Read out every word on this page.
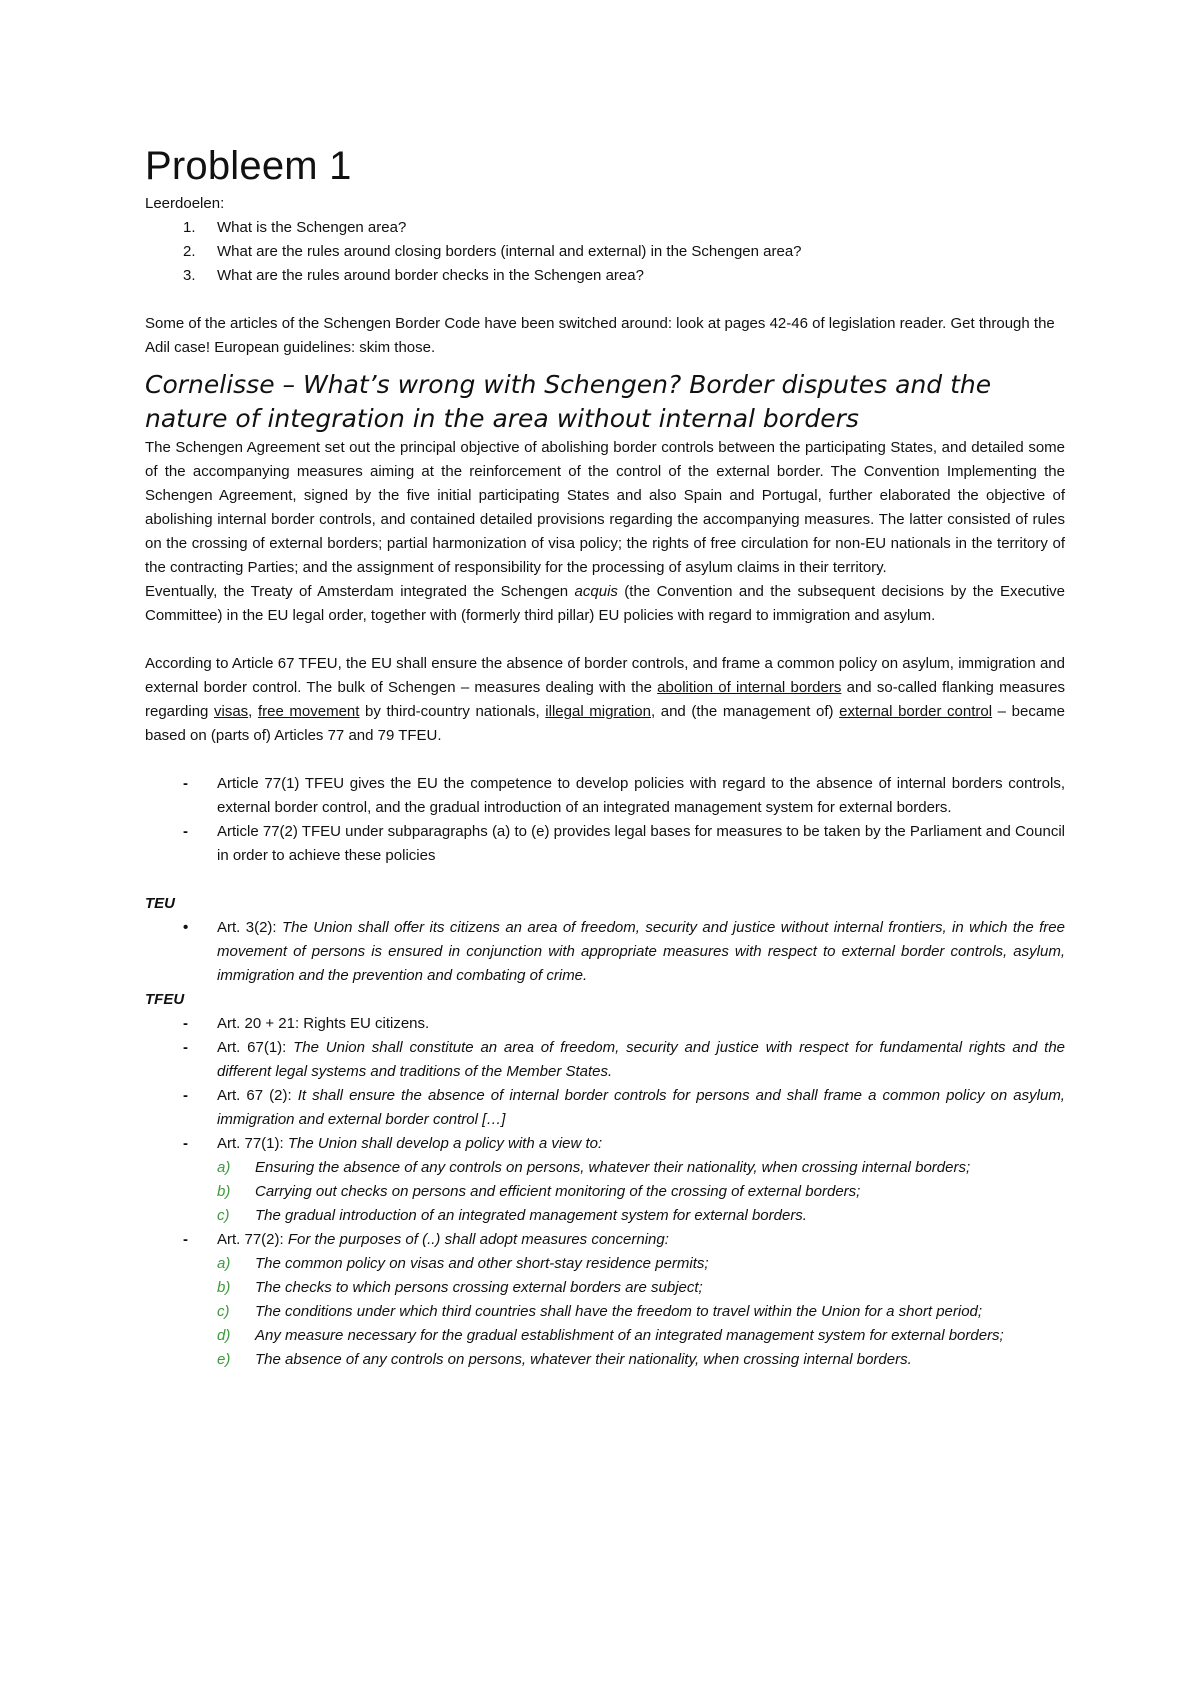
Probleem 1

Leerdoelen:

1. What is the Schengen area?
2. What are the rules around closing borders (internal and external) in the Schengen area?
3. What are the rules around border checks in the Schengen area?

Some of the articles of the Schengen Border Code have been switched around: look at pages 42-46 of legislation reader. Get through the Adil case! European guidelines: skim those.

Cornelisse – What’s wrong with Schengen? Border disputes and the nature of integration in the area without internal borders

The Schengen Agreement set out the principal objective of abolishing border controls between the participating States, and detailed some of the accompanying measures aiming at the reinforcement of the control of the external border. The Convention Implementing the Schengen Agreement, signed by the five initial participating States and also Spain and Portugal, further elaborated the objective of abolishing internal border controls, and contained detailed provisions regarding the accompanying measures. The latter consisted of rules on the crossing of external borders; partial harmonization of visa policy; the rights of free circulation for non-EU nationals in the territory of the contracting Parties; and the assignment of responsibility for the processing of asylum claims in their territory.

Eventually, the Treaty of Amsterdam integrated the Schengen acquis (the Convention and the subsequent decisions by the Executive Committee) in the EU legal order, together with (formerly third pillar) EU policies with regard to immigration and asylum.

According to Article 67 TFEU, the EU shall ensure the absence of border controls, and frame a common policy on asylum, immigration and external border control. The bulk of Schengen – measures dealing with the abolition of internal borders and so-called flanking measures regarding visas, free movement by third-country nationals, illegal migration, and (the management of) external border control – became based on (parts of) Articles 77 and 79 TFEU.

- Article 77(1) TFEU gives the EU the competence to develop policies with regard to the absence of internal borders controls, external border control, and the gradual introduction of an integrated management system for external borders.
- Article 77(2) TFEU under subparagraphs (a) to (e) provides legal bases for measures to be taken by the Parliament and Council in order to achieve these policies

TEU

• Art. 3(2): The Union shall offer its citizens an area of freedom, security and justice without internal frontiers, in which the free movement of persons is ensured in conjunction with appropriate measures with respect to external border controls, asylum, immigration and the prevention and combating of crime.

TFEU

- Art. 20 + 21: Rights EU citizens.
- Art. 67(1): The Union shall constitute an area of freedom, security and justice with respect for fundamental rights and the different legal systems and traditions of the Member States.
- Art. 67 (2): It shall ensure the absence of internal border controls for persons and shall frame a common policy on asylum, immigration and external border control […]
- Art. 77(1): The Union shall develop a policy with a view to:
a) Ensuring the absence of any controls on persons, whatever their nationality, when crossing internal borders;
b) Carrying out checks on persons and efficient monitoring of the crossing of external borders;
c) The gradual introduction of an integrated management system for external borders.
- Art. 77(2): For the purposes of (..) shall adopt measures concerning:
a) The common policy on visas and other short-stay residence permits;
b) The checks to which persons crossing external borders are subject;
c) The conditions under which third countries shall have the freedom to travel within the Union for a short period;
d) Any measure necessary for the gradual establishment of an integrated management system for external borders;
e) The absence of any controls on persons, whatever their nationality, when crossing internal borders.
